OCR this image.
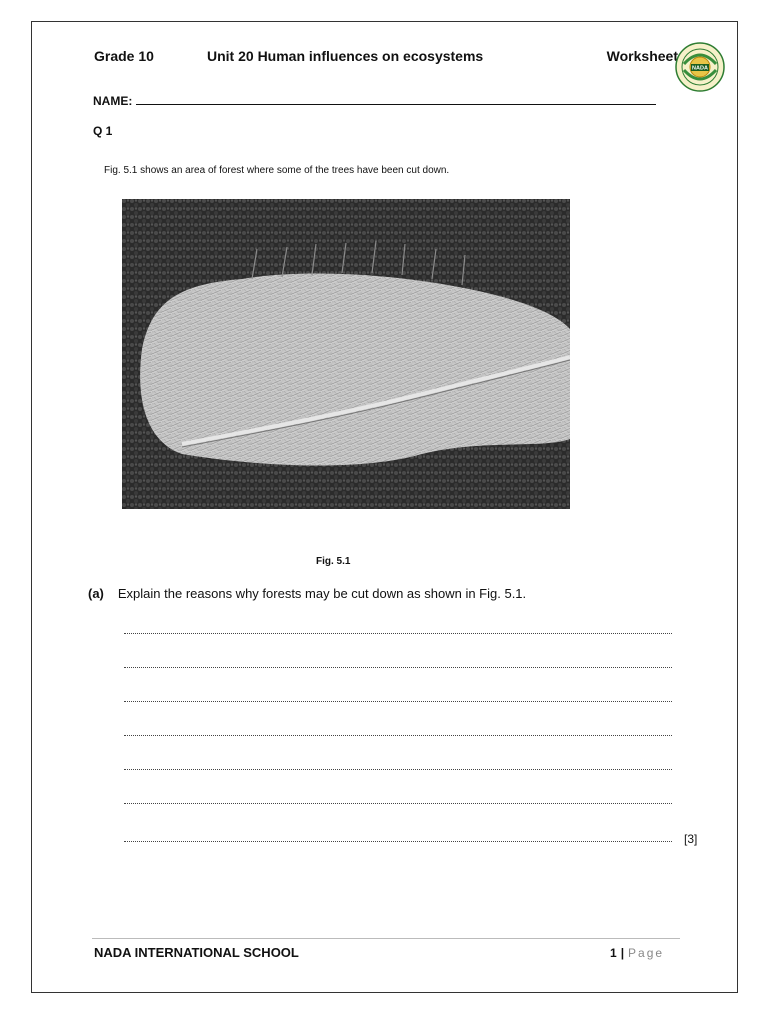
Grade 10	Unit 20 Human influences on ecosystems	Worksheet
NADA
NAME:
Q 1
Fig. 5.1 shows an area of forest where some of the trees have been cut down.
Fig. 5.1
(a) Explain the reasons why forests may be cut down as shown in Fig. 5.1.
[3]
NADA INTERNATIONAL SCHOOL	1 | Page
